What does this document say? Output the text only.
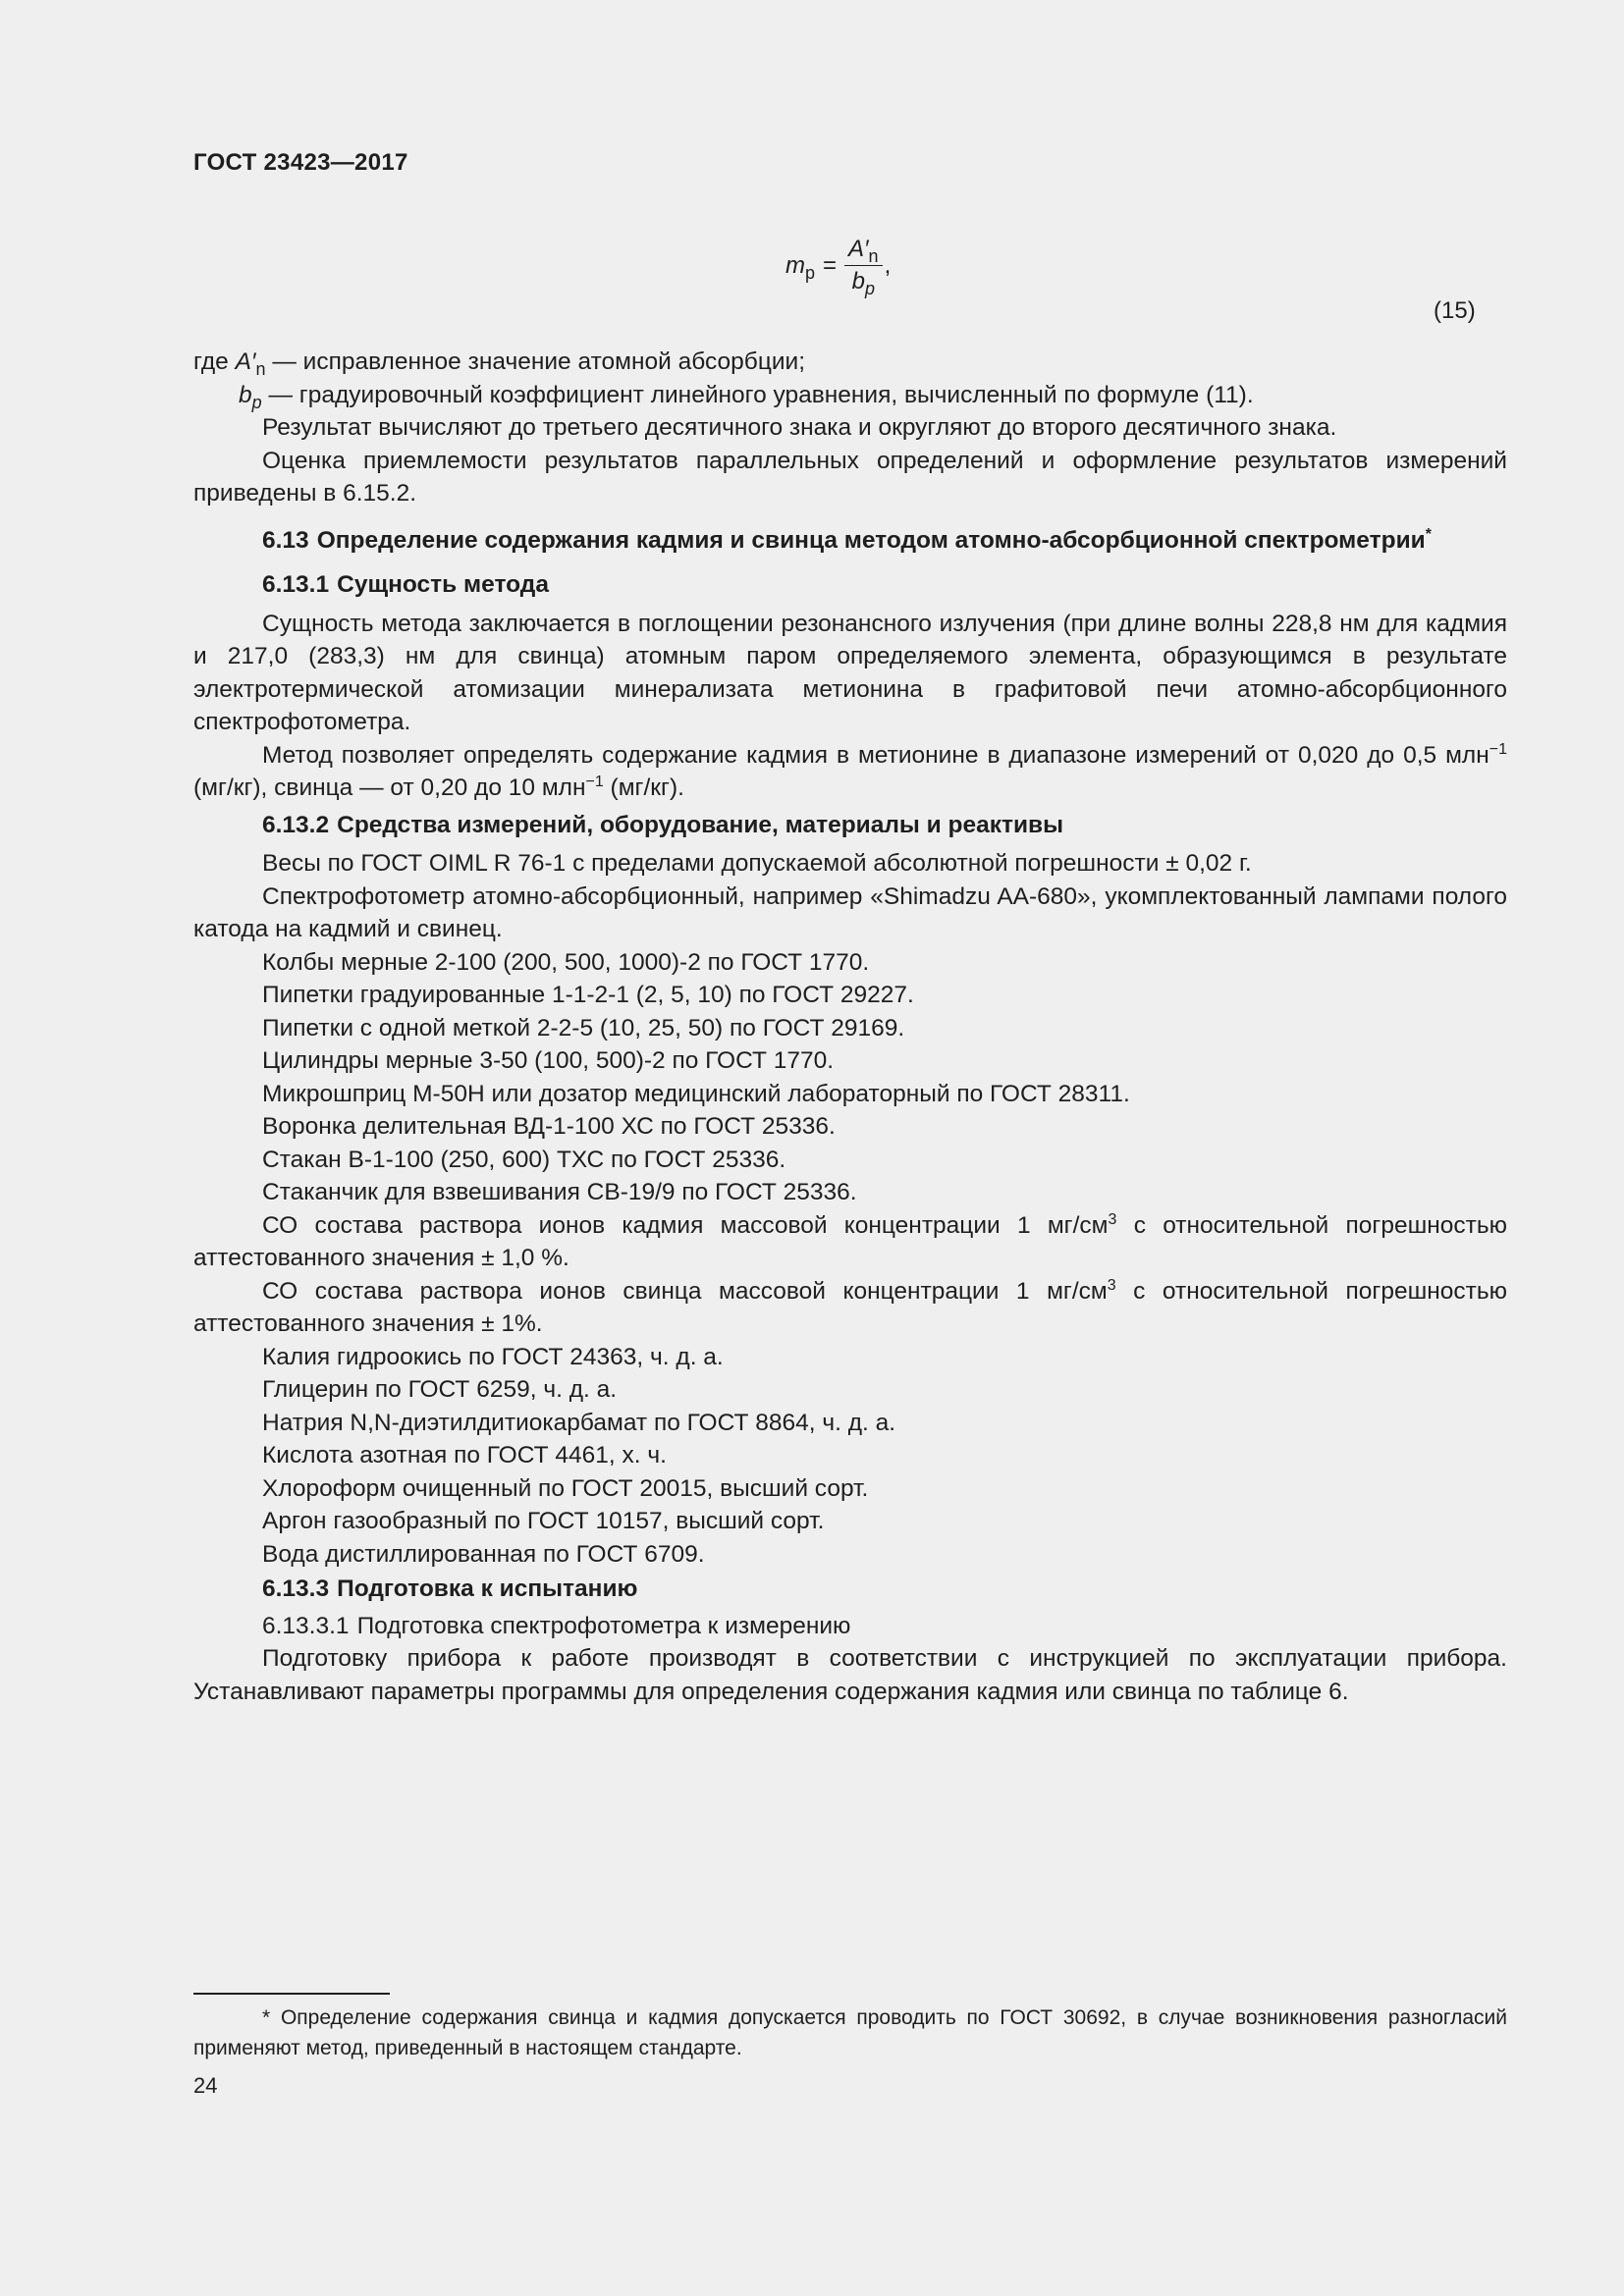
ГОСТ 23423—2017
$m_p = \frac{A'_n}{b_p}$ ,
(15)

где $A'_n$ — исправленное значение атомной абсорбции;

$b_p$ — градуировочный коэффициент линейного уравнения, вычисленный по формуле (11).

Результат вычисляют до третьего десятичного знака и округляют до второго десятичного знака.

Оценка приемлемости результатов параллельных определений и оформление результатов измерений приведены в 6.15.2.

6.13 Определение содержания кадмия и свинца методом атомно-абсорбционной спектрометрии*

6.13.1 Сущность метода

Сущность метода заключается в поглощении резонансного излучения (при длине волны 228,8 нм для кадмия и 217,0 (283,3) нм для свинца) атомным паром определяемого элемента, образующимся в результате электротермической атомизации минерализата метионина в графитовой печи атомно-абсорбционного спектрофотометра.

Метод позволяет определять содержание кадмия в метионине в диапазоне измерений от 0,020 до 0,5 млн$^{-1}$ (мг/кг), свинца — от 0,20 до 10 млн$^{-1}$ (мг/кг).

6.13.2 Средства измерений, оборудование, материалы и реактивы

Весы по ГОСТ OIML R 76-1 с пределами допускаемой абсолютной погрешности ± 0,02 г.

Спектрофотометр атомно-абсорбционный, например «Shimadzu AA-680», укомплектованный лампами полого катода на кадмий и свинец.

Колбы мерные 2-100 (200, 500, 1000)-2 по ГОСТ 1770.

Пипетки градуированные 1-1-2-1 (2, 5, 10) по ГОСТ 29227.

Пипетки с одной меткой 2-2-5 (10, 25, 50) по ГОСТ 29169.

Цилиндры мерные 3-50 (100, 500)-2 по ГОСТ 1770.

Микрошприц М-50Н или дозатор медицинский лабораторный по ГОСТ 28311.

Воронка делительная ВД-1-100 ХС по ГОСТ 25336.

Стакан В-1-100 (250, 600) ТХС по ГОСТ 25336.

Стаканчик для взвешивания СВ-19/9 по ГОСТ 25336.

СО состава раствора ионов кадмия массовой концентрации 1 $мг/см^3$ с относительной погрешностью аттестованного значения ± 1,0 %.

СО состава раствора ионов свинца массовой концентрации 1 $мг/см^3$ с относительной погрешностью аттестованного значения ± 1%.

Калия гидроокись по ГОСТ 24363, ч. д. а.

Глицерин по ГОСТ 6259, ч. д. а.

Натрия N,N-диэтилдитиокарбамат по ГОСТ 8864, ч. д. а.

Кислота азотная по ГОСТ 4461, х. ч.

Хлороформ очищенный по ГОСТ 20015, высший сорт.

Аргон газообразный по ГОСТ 10157, высший сорт.

Вода дистиллированная по ГОСТ 6709.

6.13.3 Подготовка к испытанию

6.13.3.1 Подготовка спектрофотометра к измерению

Подготовку прибора к работе производят в соответствии с инструкцией по эксплуатации прибора. Устанавливают параметры программы для определения содержания кадмия или свинца по таблице 6.

* Определение содержания свинца и кадмия допускается проводить по ГОСТ 30692, в случае возникновения разногласий применяют метод, приведенный в настоящем стандарте.

24
